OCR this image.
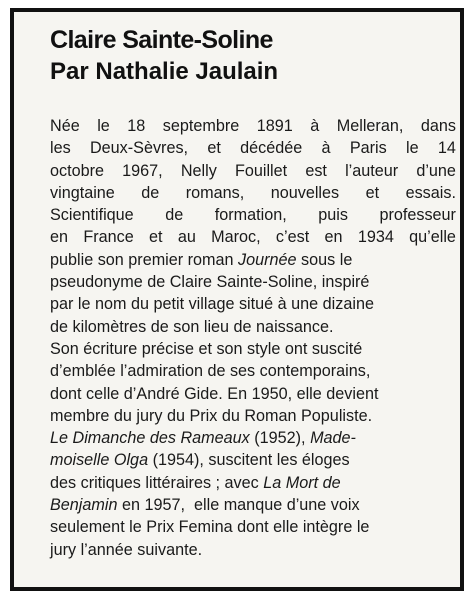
Claire Sainte-Soline
Par Nathalie Jaulain
Née le 18 septembre 1891 à Melleran, dans
les Deux-Sèvres, et décédée à Paris le 14
octobre 1967, Nelly Fouillet est l’auteur d’une
vingtaine de romans, nouvelles et essais.
Scientifique de formation, puis professeur
en France et au Maroc, c’est en 1934 qu’elle
publie son premier roman Journée sous le
pseudonyme de Claire Sainte-Soline, inspiré
par le nom du petit village situé à une dizaine
de kilomètres de son lieu de naissance.
Son écriture précise et son style ont suscité
d’emblée l’admiration de ses contemporains,
dont celle d’André Gide. En 1950, elle devient
membre du jury du Prix du Roman Populiste.
Le Dimanche des Rameaux (1952), Made-
moiselle Olga (1954), suscitent les éloges
des critiques littéraires ; avec La Mort de
Benjamin en 1957,  elle manque d’une voix
seulement le Prix Femina dont elle intègre le
jury l’année suivante.
